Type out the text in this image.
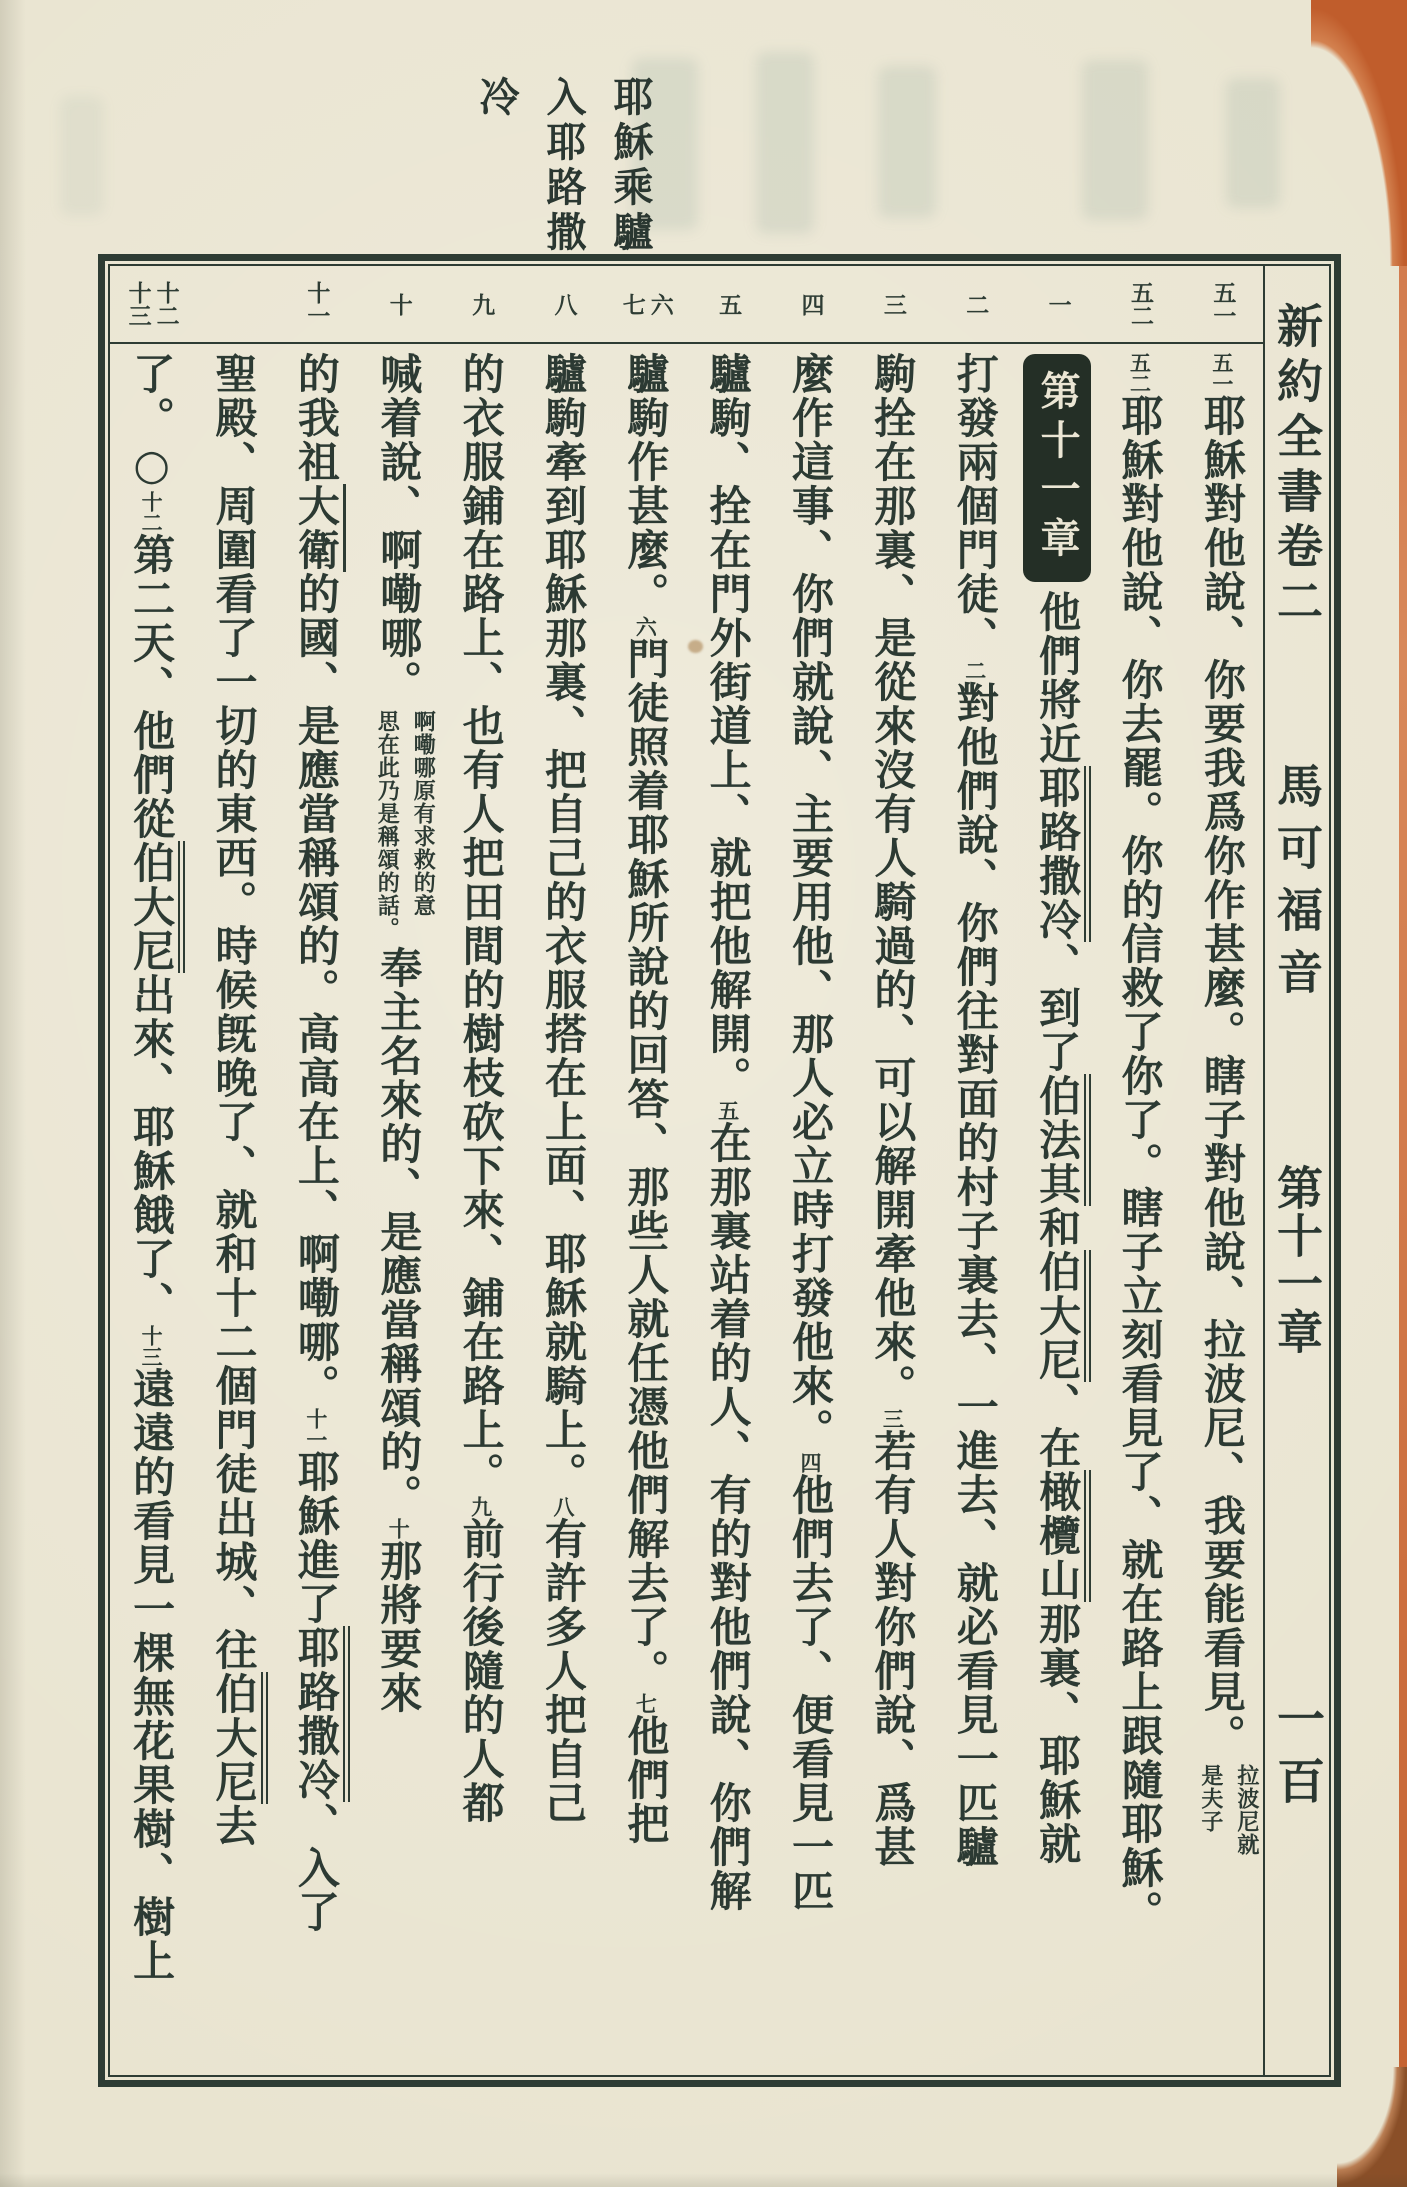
耶穌乘驢
入耶路撒
冷
五一
五二
一
二
三
四
五
六
七
八
九
十
十一
十二
十三
五一耶穌對他說、你要我爲你作甚麼。瞎子對他說、拉波尼、我要能看見。
拉波尼就
是夫子
五二耶穌對他說、你去罷。你的信救了你了。瞎子立刻看見了、就在路上跟隨耶穌。
第十一章他們將近耶路撒冷、到了伯法其和伯大尼、在橄欖山那裏、耶穌就
打發兩個門徒、二對他們說、你們往對面的村子裏去、一進去、就必看見一匹驢
駒拴在那裏、是從來沒有人騎過的、可以解開牽他來。三若有人對你們說、爲甚
麼作這事、你們就說、主要用他、那人必立時打發他來。四他們去了、便看見一匹
驢駒、拴在門外街道上、就把他解開。五在那裏站着的人、有的對他們說、你們解
驢駒作甚麼。六門徒照着耶穌所說的回答、那些人就任憑他們解去了。七他們把
驢駒牽到耶穌那裏、把自己的衣服搭在上面、耶穌就騎上。八有許多人把自己
的衣服鋪在路上、也有人把田間的樹枝砍下來、鋪在路上。九前行後隨的人都
喊着說、啊嘞哪。
啊嘞哪原有求救的意
思在此乃是稱頌的話。
奉主名來的、是應當稱頌的。十那將要來
的我祖大衛的國、是應當稱頌的。高高在上、啊嘞哪。十一耶穌進了耶路撒冷、入了
聖殿、周圍看了一切的東西。時候旣晚了、就和十二個門徒出城、往伯大尼去
了。○十二第二天、他們從伯大尼出來、耶穌餓了、十三遠遠的看見一棵無花果樹、樹上
新約全書卷二
馬可福音
第十一章
一百
